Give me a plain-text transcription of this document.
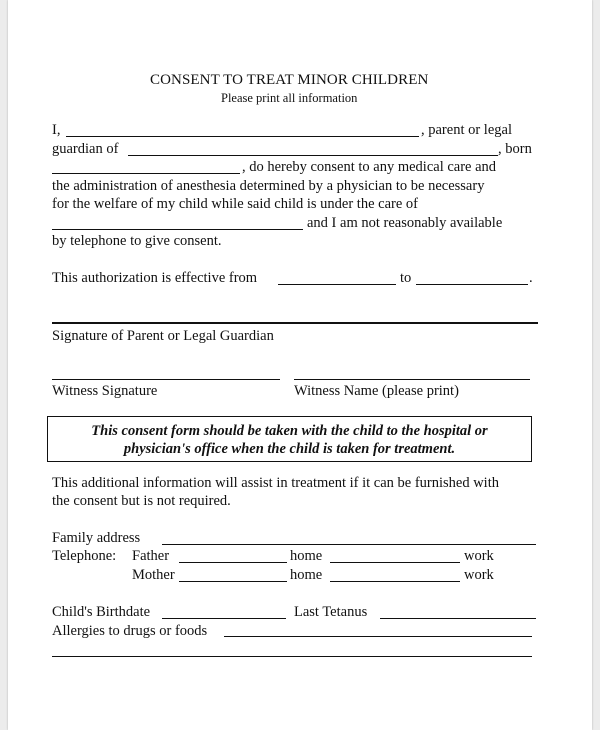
CONSENT TO TREAT MINOR CHILDREN
Please print all information
I,	, parent or legal
guardian of	, born
, do hereby consent to any medical care and
the administration of anesthesia determined by a physician to be necessary
for the welfare of my child while said child is under the care of
and I am not reasonably available
by telephone to give consent.
This authorization is effective from	to	.
Signature of Parent or Legal Guardian
Witness Signature	Witness Name (please print)
This consent form should be taken with the child to the hospital or
physician's office when the child is taken for treatment.
This additional information will assist in treatment if it can be furnished with
the consent but is not required.
Family address
Telephone: Father	home	work
Mother	home	work
Child's Birthdate	Last Tetanus
Allergies to drugs or foods
